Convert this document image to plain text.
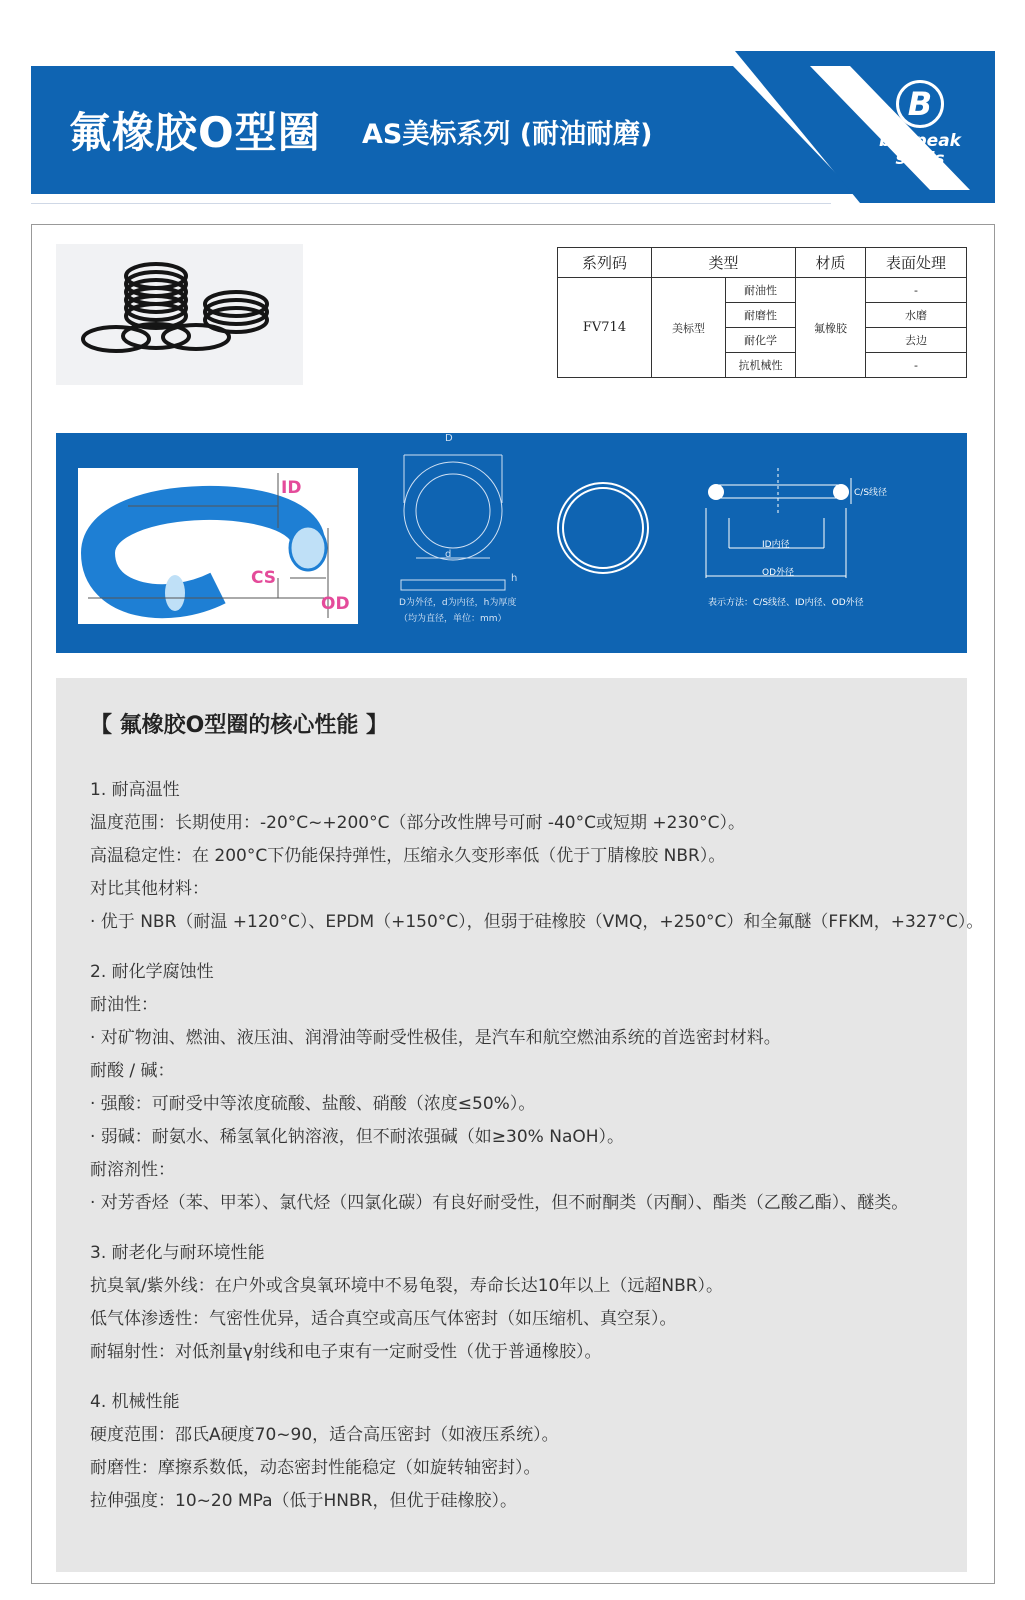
氟橡胶O型圈 AS美标系列 (耐油耐磨)
B
boilpeak
seals
系列码	类型		材质	表面处理
FV714	美标型	耐油性	氟橡胶	-
		耐磨性		水磨
		耐化学		去边
		抗机械性		-
ID
CS
OD
D
d
h
D为外径，d为内径，h为厚度
（均为直径，单位：mm）
C/S线径
ID内径
OD外径
表示方法：C/S线径、ID内径、OD外径
【 氟橡胶O型圈的核心性能 】
1. 耐高温性
温度范围：长期使用：-20°C~+200°C（部分改性牌号可耐 -40°C或短期 +230°C）。
高温稳定性：在 200°C下仍能保持弹性，压缩永久变形率低（优于丁腈橡胶 NBR）。
对比其他材料：
· 优于 NBR（耐温 +120°C）、EPDM（+150°C），但弱于硅橡胶（VMQ，+250°C）和全氟醚（FFKM，+327°C）。
2. 耐化学腐蚀性
耐油性：
· 对矿物油、燃油、液压油、润滑油等耐受性极佳，是汽车和航空燃油系统的首选密封材料。
耐酸 / 碱：
· 强酸：可耐受中等浓度硫酸、盐酸、硝酸（浓度≤50%）。
· 弱碱：耐氨水、稀氢氧化钠溶液，但不耐浓强碱（如≥30% NaOH）。
耐溶剂性：
· 对芳香烃（苯、甲苯）、氯代烃（四氯化碳）有良好耐受性，但不耐酮类（丙酮）、酯类（乙酸乙酯）、醚类。
3. 耐老化与耐环境性能
抗臭氧/紫外线：在户外或含臭氧环境中不易龟裂，寿命长达10年以上（远超NBR）。
低气体渗透性：气密性优异，适合真空或高压气体密封（如压缩机、真空泵）。
耐辐射性：对低剂量γ射线和电子束有一定耐受性（优于普通橡胶）。
4. 机械性能
硬度范围：邵氏A硬度70~90，适合高压密封（如液压系统）。
耐磨性：摩擦系数低，动态密封性能稳定（如旋转轴密封）。
拉伸强度：10~20 MPa（低于HNBR，但优于硅橡胶）。
